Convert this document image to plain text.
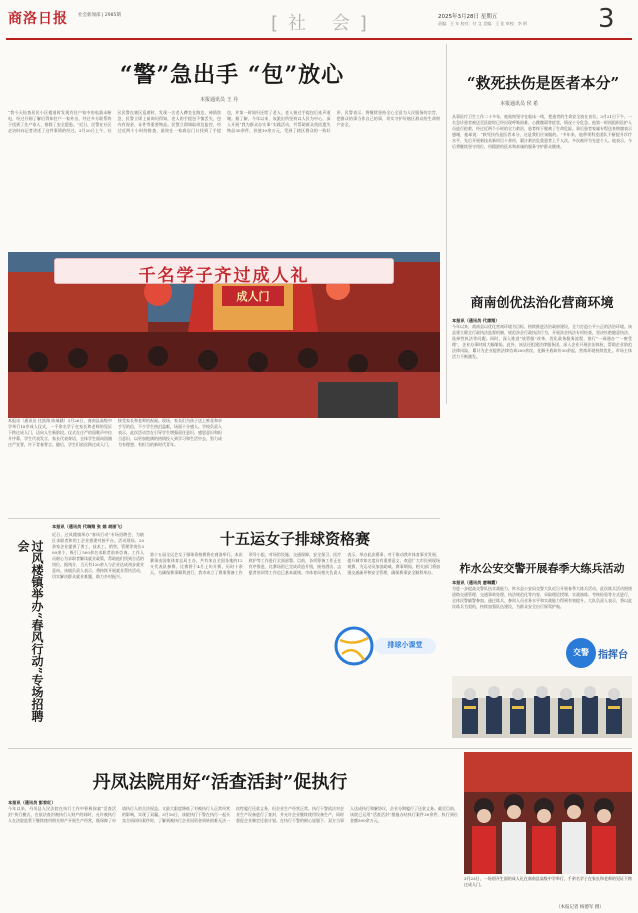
商洛日报 社会新闻部 | 2985期	[社 会]	2025年3月28日 星期五
责编：王 年 校对：付 文 美编：王 佳 审校：李 明	3
“警”急出手 “包”放心
本报通讯员 王 丹
“我今天检查居民小区楼道时发现有住户家中的电器未断电，经过仔细了解后得知住户一家外出，经过多方联系终于找到了住户家人，排除了安全隐患。”近日，民警在社区走访时向记者讲述了这件事情的经过。3月20日上午，社区民警在辖区巡逻时，发现一名老人蹲坐在路边，神情焦急，民警立即上前询问得知，老人的手提包不慎丢失，包内有现金、证件等重要物品。民警立即调取周边监控，经过近两个小时的排查，最终在一家商店门口找到了手提包，并第一时间归还给了老人。老人接过手提包后连声道谢。据了解，今年以来，该派出所坚持以人民为中心，深入开展“我为群众办实事”实践活动，共帮助群众找回遗失物品30余件，价值10余万元，受到了辖区群众的一致好评。民警表示，将继续坚持全心全意为人民服务的宗旨，把群众的事当作自己的事，切实守护好辖区群众的生命财产安全。
“救死扶伤是医者本分”
本报通讯员 侯 希
从事医疗卫生工作二十多年，他始终坚守在临床一线，把患者的生命安全放在首位。3月21日下午，一名急诊患者被送至医院时已经出现呼吸困难、心跳微弱等症状，情况十分危急。他第一时间组织医护人员进行抢救，经过近两个小时的全力救治，患者终于脱离了生命危险。事后患者家属专程送来锦旗表示感谢，他却说：“救死扶伤是医者本分，这是我们应该做的。”多年来，他带领科室团队不断提升诊疗水平，先后开展新技术新项目十余项，累计救治危重患者上千人次，多次被评为先进个人。他表示，今后将继续坚守岗位，用精湛的医术和真诚的服务守护群众健康。
成人门
千名学子齐过成人礼
本报讯（通讯员 任凯翔 陈瑞涵）3月26日，商南县高级中学举行18岁成人仪式，一千余名学子在家长和老师的见证下跨过成人门，迈向人生新阶段。仪式在庄严的国歌声中拉开序幕，学生代表发言，家长代表寄语，全体学生面向国旗庄严宣誓，许下青春誓言。随后，学生们依次跨过成人门，接受家长和老师的祝福。现场，家长们为孩子送上鲜花和亲手写的信，不少学生热泪盈眶，场面十分感人。学校负责人表示，此次活动旨在引导学生增强责任意识、感恩意识和担当意识，以更加饱满的热情投入到学习和生活中去，努力成为有理想、有担当的新时代青年。
商南创优法治化营商环境
本报讯（通讯员 代康翔）
今年以来，商南县以优化营商环境为目标，持续推进法治政府建设，全力打造公平公正的法治环境。该县建立健全行政执法监督机制，规范涉企行政执法行为，开展涉企执法专项检查，坚决杜绝随意执法、选择性执法等问题。同时，深入推进“放管服”改革，优化政务服务流程，推行“一网通办”“一窗受理”，企业办事时间大幅缩短。此外，该县还组建法律服务团，深入企业开展法治体检，帮助企业防范法律风险，累计为企业提供法律咨询200余次，化解矛盾纠纷30余起，营商环境持续优化，市场主体活力不断激发。
过风楼镇举办“春风行动”专场招聘会
本报讯（通讯员 代瑞翔 张 娟 胡丽飞）
近日，过风楼镇举办“春风行动”专场招聘会，为辖区求职者和用工企业搭建对接平台。活动现场，20余家企业提供了普工、技术工、销售、管理等岗位300余个，吸引了500余名求职者前来咨询。工作人员耐心为求职者解读就业政策，帮助他们找到合适的岗位。据统计，当天有120余人与企业达成初步就业意向。该镇负责人表示，将持续开展就业帮扶活动，切实解决群众就业难题，助力乡村振兴。
十五运女子排球资格赛
第十五届全运会女子排球资格赛将在商洛举行。本次赛事由国家体育总局主办，共有来自全国各地的12支代表队参赛，比赛将于4月上旬开赛，历时十余天。为确保赛事顺利进行，我市成立了赛事筹备工作领导小组，对场馆设施、交通保障、安全保卫、医疗救护等工作进行全面部署。目前，各项筹备工作正在有序推进，比赛场馆已完成改造升级，接待酒店、志愿者培训等工作也已基本就绪。市体育局相关负责人表示，举办此次赛事，对于推动我市体育事业发展、提升城市知名度具有重要意义，欢迎广大市民到现场观赛，为运动员加油助威。赛事期间，相关部门将加强交通疏导和安全管理，确保赛事安全顺利举办。
排球小课堂
柞水公安交警开展春季大练兵活动
本报讯（通讯员 唐琳霞）
为进一步提高交警队伍实战能力，柞水县公安局交警大队近日开展春季大练兵活动。此次练兵活动围绕道路交通管理、交通事故处理、执法规范化等内容，采取理论授课、实战演练、考核检验等方式进行，全体民警辅警参加。通过练兵，参训人员业务水平和实战能力得到有效提升。大队负责人表示，将以此次练兵为契机，持续加强队伍建设，为群众安全出行保驾护航。
交警 指挥台
丹凤法院用好“活查活封”促执行
本报讯（通讯员 彭家红）
今年以来，丹凤县人民法院在执行工作中积极探索“活查活封”执行模式，在依法查封被执行人财产的同时，允许被执行人在法院监管下继续使用相关财产开展生产经营，既保障了申请执行人的合法权益，又最大限度降低了对被执行人正常经营的影响，实现了双赢。3月18日，该院执行干警在执行一起买卖合同纠纷案件时，了解到被执行企业因资金周转困难无法一次性履行还款义务，但企业生产经营正常。执行干警依法对企业生产设备进行了查封，并允许企业继续使用设备生产，同时督促企业制定还款计划。在执行干警的耐心说服下，双方当事人达成执行和解协议，企业分期履行了还款义务。截至目前，该院已运用“活查活封”措施办结执行案件30余件，执行到位金额500余万元。
3月23日，一场别开生面的成人礼在商南县高级中学举行，千余名学子在家长和老师的见证下跨过成人门。
（本报记者 杨德军 摄）
